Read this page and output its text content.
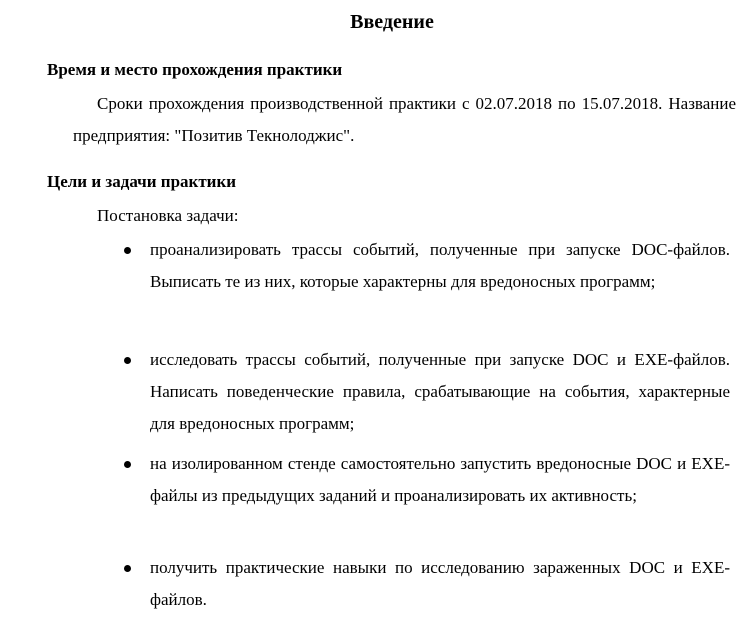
Введение
Время и место прохождения практики
Сроки прохождения производственной практики с 02.07.2018 по 15.07.2018. Название предприятия: "Позитив Текнолоджис".
Цели и задачи практики
Постановка задачи:
проанализировать трассы событий, полученные при запуске DOC-файлов. Выписать те из них, которые характерны для вредоносных программ;
исследовать трассы событий, полученные при запуске DOC и EXE-файлов. Написать поведенческие правила, срабатывающие на события, характерные для вредоносных программ;
на изолированном стенде самостоятельно запустить вредоносные DOC и EXE-файлы из предыдущих заданий и проанализировать их активность;
получить практические навыки по исследованию зараженных DOC и EXE-файлов.
